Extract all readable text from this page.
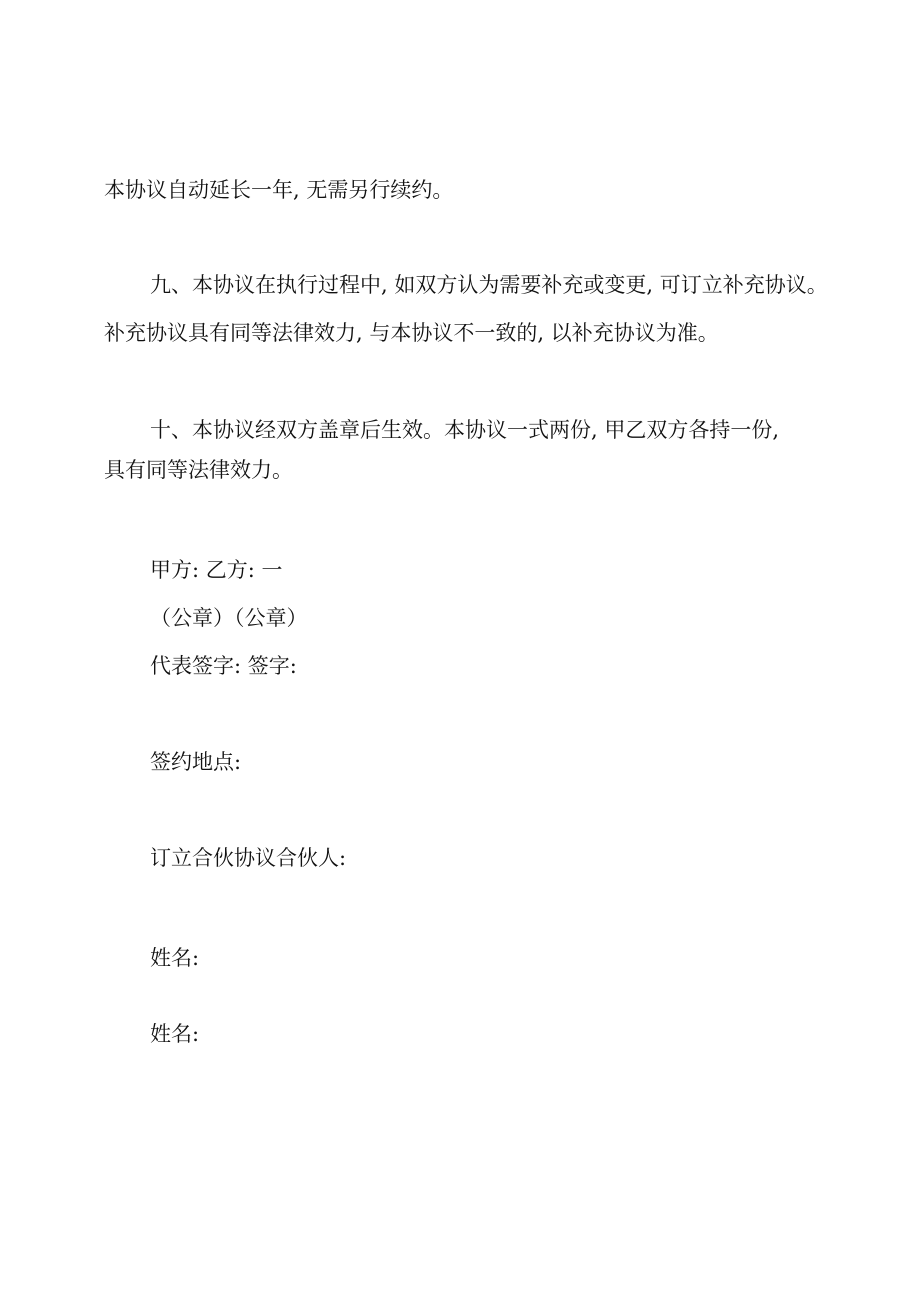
本协议自动延长一年, 无需另行续约。

九、本协议在执行过程中, 如双方认为需要补充或变更, 可订立补充协议。

补充协议具有同等法律效力, 与本协议不一致的, 以补充协议为准。

十、本协议经双方盖章后生效。本协议一式两份, 甲乙双方各持一份,

具有同等法律效力。

甲方: 乙方: 一

（公章）（公章）

代表签字: 签字:

签约地点:

订立合伙协议合伙人:

姓名:

姓名:
